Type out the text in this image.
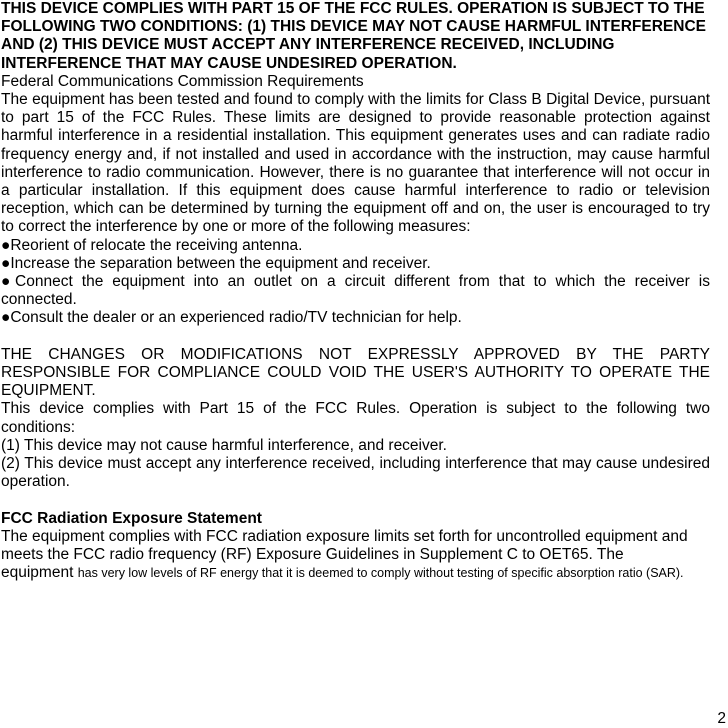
THIS DEVICE COMPLIES WITH PART 15 OF THE FCC RULES. OPERATION IS SUBJECT TO THE FOLLOWING TWO CONDITIONS: (1) THIS DEVICE MAY NOT CAUSE HARMFUL INTERFERENCE AND (2) THIS DEVICE MUST ACCEPT ANY INTERFERENCE RECEIVED, INCLUDING INTERFERENCE THAT MAY CAUSE UNDESIRED OPERATION.

Federal Communications Commission Requirements

The equipment has been tested and found to comply with the limits for Class B Digital Device, pursuant to part 15 of the FCC Rules. These limits are designed to provide reasonable protection against harmful interference in a residential installation. This equipment generates uses and can radiate radio frequency energy and, if not installed and used in accordance with the instruction, may cause harmful interference to radio communication. However, there is no guarantee that interference will not occur in a particular installation. If this equipment does cause harmful interference to radio or television reception, which can be determined by turning the equipment off and on, the user is encouraged to try to correct the interference by one or more of the following measures:

●Reorient of relocate the receiving antenna.

●Increase the separation between the equipment and receiver.

●Connect the equipment into an outlet on a circuit different from that to which the receiver is connected.

●Consult the dealer or an experienced radio/TV technician for help.

THE CHANGES OR MODIFICATIONS NOT EXPRESSLY APPROVED BY THE PARTY RESPONSIBLE FOR COMPLIANCE COULD VOID THE USER'S AUTHORITY TO OPERATE THE EQUIPMENT.

This device complies with Part 15 of the FCC Rules. Operation is subject to the following two conditions:

(1) This device may not cause harmful interference, and receiver.

(2) This device must accept any interference received, including interference that may cause undesired operation.

FCC Radiation Exposure Statement

The equipment complies with FCC radiation exposure limits set forth for uncontrolled equipment and meets the FCC radio frequency (RF) Exposure Guidelines in Supplement C to OET65. The
equipment has very low levels of RF energy that it is deemed to comply without testing of specific absorption ratio (SAR).

2
